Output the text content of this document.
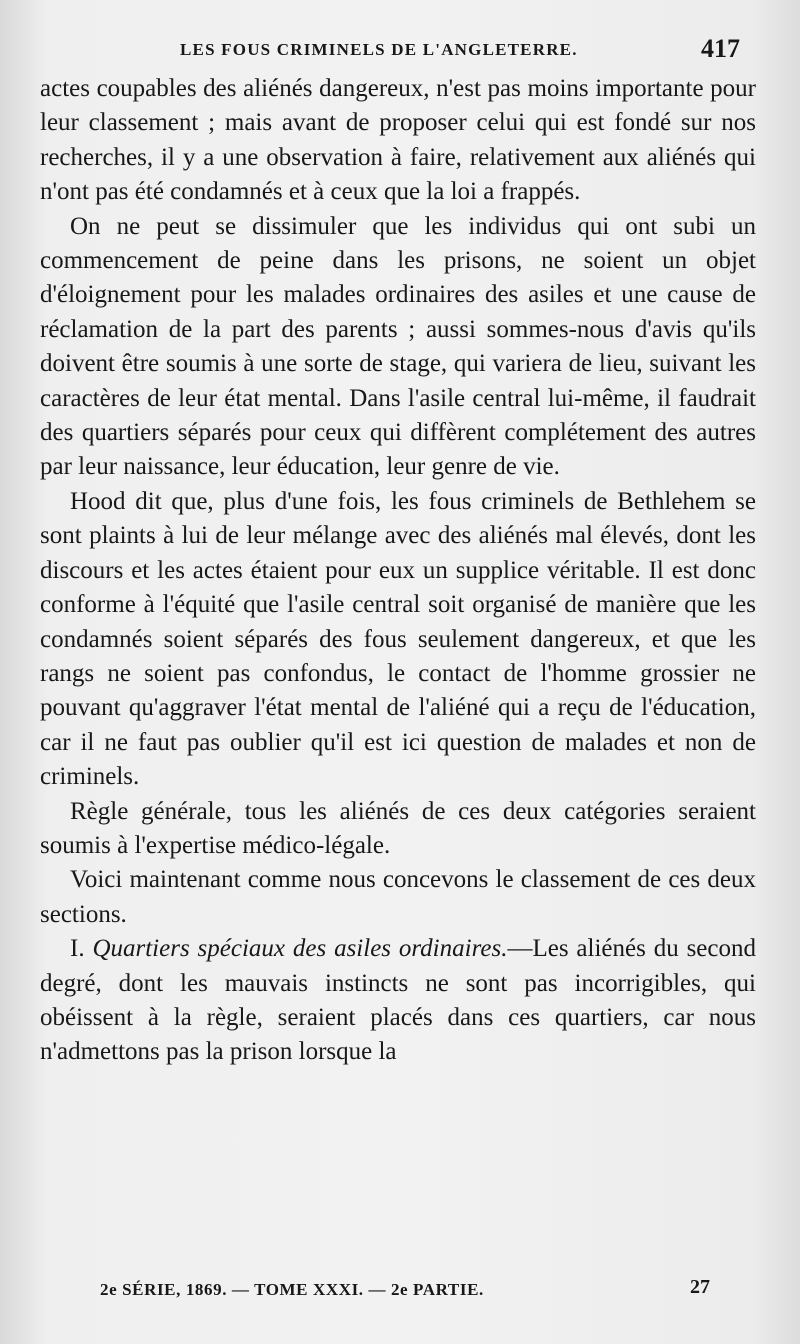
LES FOUS CRIMINELS DE L'ANGLETERRE.	417

actes coupables des aliénés dangereux, n'est pas moins importante pour leur classement ; mais avant de proposer celui qui est fondé sur nos recherches, il y a une observation à faire, relativement aux aliénés qui n'ont pas été condamnés et à ceux que la loi a frappés.

On ne peut se dissimuler que les individus qui ont subi un commencement de peine dans les prisons, ne soient un objet d'éloignement pour les malades ordinaires des asiles et une cause de réclamation de la part des parents ; aussi sommes-nous d'avis qu'ils doivent être soumis à une sorte de stage, qui variera de lieu, suivant les caractères de leur état mental. Dans l'asile central lui-même, il faudrait des quartiers séparés pour ceux qui diffèrent complétement des autres par leur naissance, leur éducation, leur genre de vie.

Hood dit que, plus d'une fois, les fous criminels de Bethlehem se sont plaints à lui de leur mélange avec des aliénés mal élevés, dont les discours et les actes étaient pour eux un supplice véritable. Il est donc conforme à l'équité que l'asile central soit organisé de manière que les condamnés soient séparés des fous seulement dangereux, et que les rangs ne soient pas confondus, le contact de l'homme grossier ne pouvant qu'aggraver l'état mental de l'aliéné qui a reçu de l'éducation, car il ne faut pas oublier qu'il est ici question de malades et non de criminels.

Règle générale, tous les aliénés de ces deux catégories seraient soumis à l'expertise médico-légale.

Voici maintenant comme nous concevons le classement de ces deux sections.

I. Quartiers spéciaux des asiles ordinaires.—Les aliénés du second degré, dont les mauvais instincts ne sont pas incorrigibles, qui obéissent à la règle, seraient placés dans ces quartiers, car nous n'admettons pas la prison lorsque la

2e SÉRIE, 1869. — TOME XXXI. — 2e PARTIE.	27
